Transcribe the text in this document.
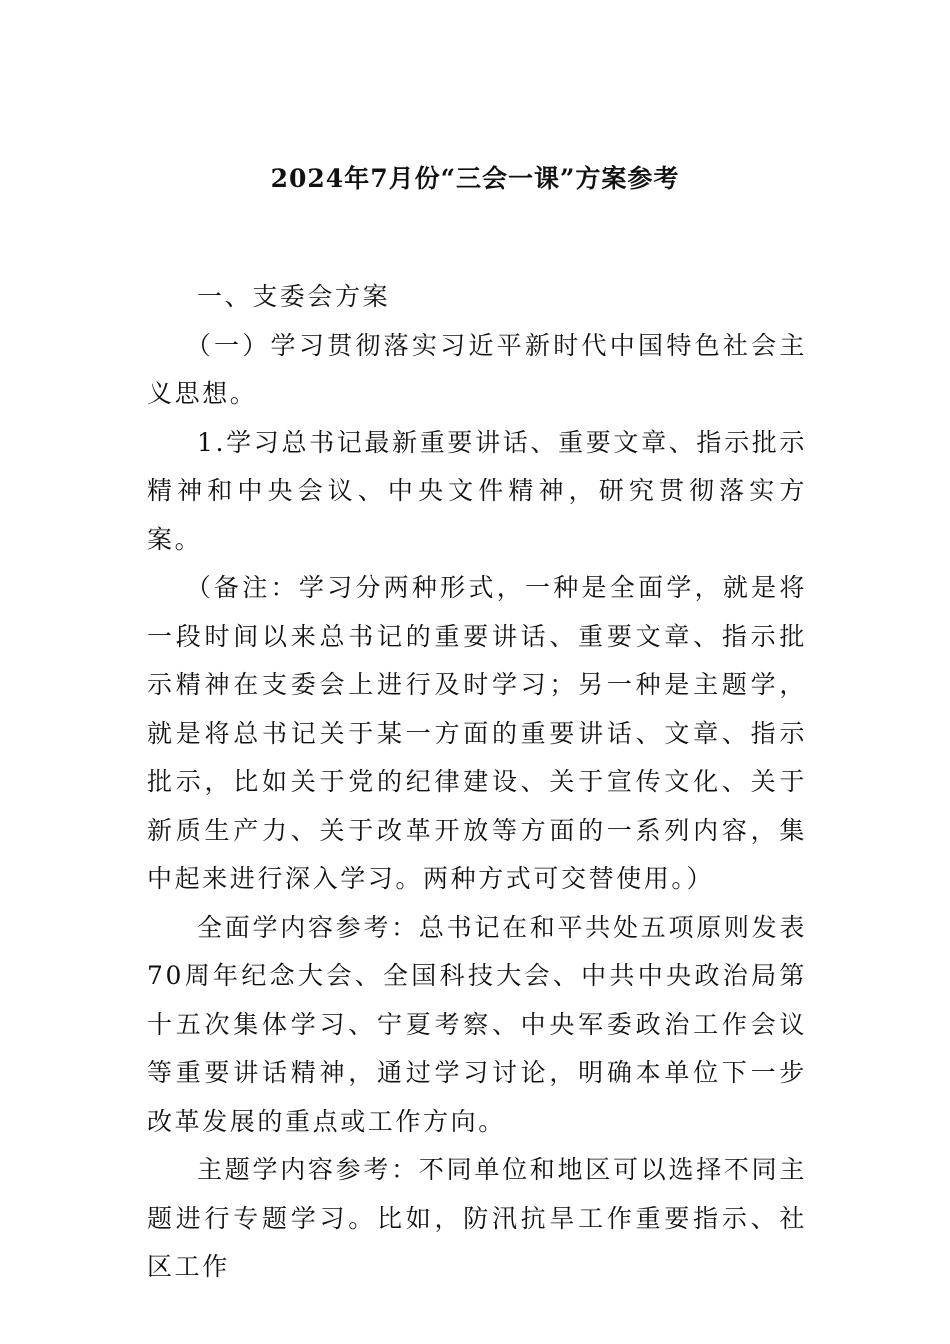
2024年7月份“三会一课”方案参考

一、支委会方案

（一）学习贯彻落实习近平新时代中国特色社会主义思想。

1.学习总书记最新重要讲话、重要文章、指示批示精神和中央会议、中央文件精神，研究贯彻落实方案。

（备注：学习分两种形式，一种是全面学，就是将一段时间以来总书记的重要讲话、重要文章、指示批示精神在支委会上进行及时学习；另一种是主题学，就是将总书记关于某一方面的重要讲话、文章、指示批示，比如关于党的纪律建设、关于宣传文化、关于新质生产力、关于改革开放等方面的一系列内容，集中起来进行深入学习。两种方式可交替使用。）

全面学内容参考：总书记在和平共处五项原则发表70周年纪念大会、全国科技大会、中共中央政治局第十五次集体学习、宁夏考察、中央军委政治工作会议等重要讲话精神，通过学习讨论，明确本单位下一步改革发展的重点或工作方向。

主题学内容参考：不同单位和地区可以选择不同主题进行专题学习。比如，防汛抗旱工作重要指示、社区工作
